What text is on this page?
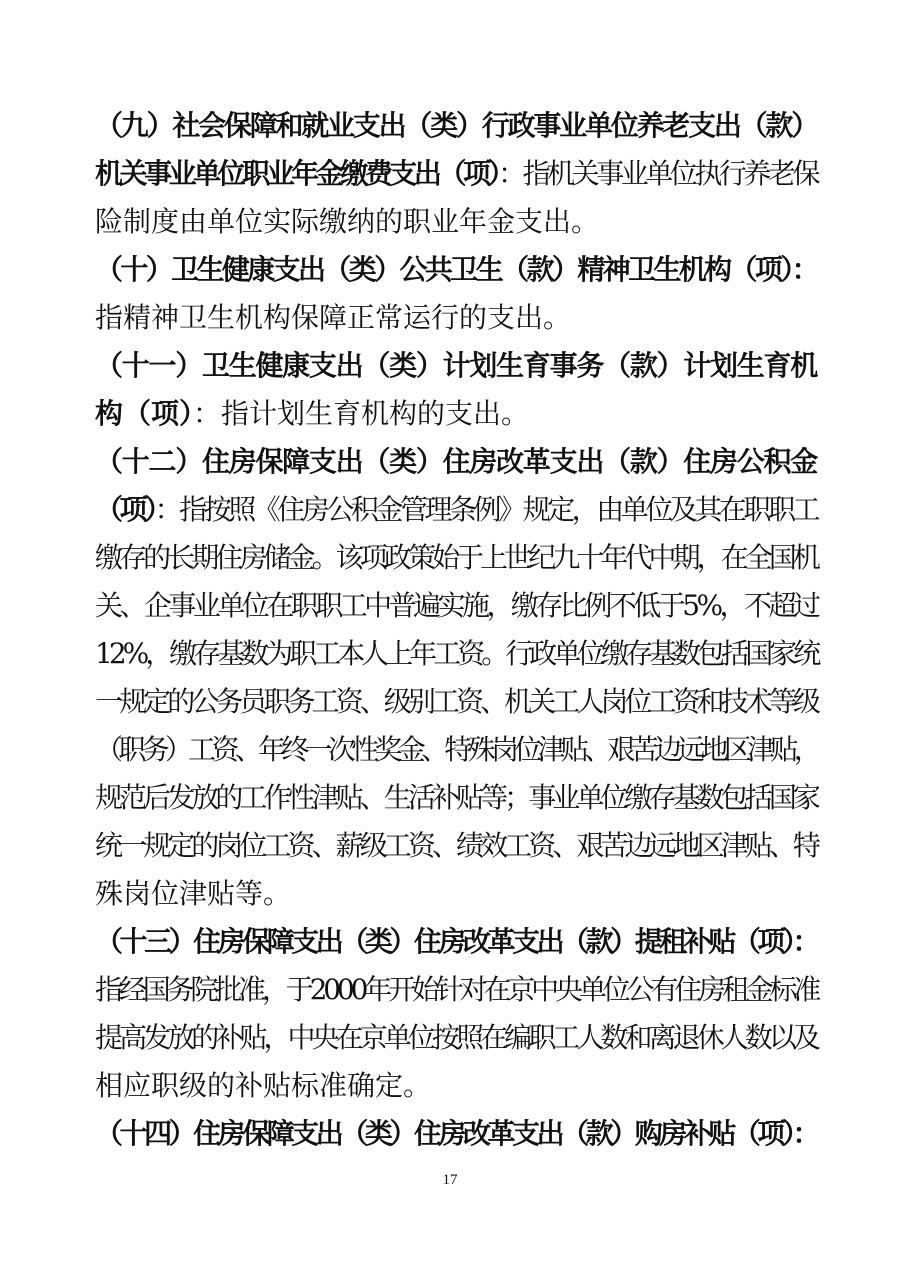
17
（九）社会保障和就业支出（类）行政事业单位养老支出（款）
机关事业单位职业年金缴费支出（项）：指机关事业单位执行养老保
险制度由单位实际缴纳的职业年金支出。
（十）卫生健康支出（类）公共卫生（款）精神卫生机构（项）：
指精神卫生机构保障正常运行的支出。
（十一）卫生健康支出（类）计划生育事务（款）计划生育机
构（项）：指计划生育机构的支出。
（十二）住房保障支出（类）住房改革支出（款）住房公积金
（项）：指按照《住房公积金管理条例》规定，由单位及其在职职工
缴存的长期住房储金。该项政策始于上世纪九十年代中期，在全国机
关、企事业单位在职职工中普遍实施，缴存比例不低于5%，不超过
12%，缴存基数为职工本人上年工资。行政单位缴存基数包括国家统
一规定的公务员职务工资、级别工资、机关工人岗位工资和技术等级
（职务）工资、年终一次性奖金、特殊岗位津贴、艰苦边远地区津贴，
规范后发放的工作性津贴、生活补贴等；事业单位缴存基数包括国家
统一规定的岗位工资、薪级工资、绩效工资、艰苦边远地区津贴、特
殊岗位津贴等。
（十三）住房保障支出（类）住房改革支出（款）提租补贴（项）：
指经国务院批准，于2000年开始针对在京中央单位公有住房租金标准
提高发放的补贴，中央在京单位按照在编职工人数和离退休人数以及
相应职级的补贴标准确定。
（十四）住房保障支出（类）住房改革支出（款）购房补贴（项）：
